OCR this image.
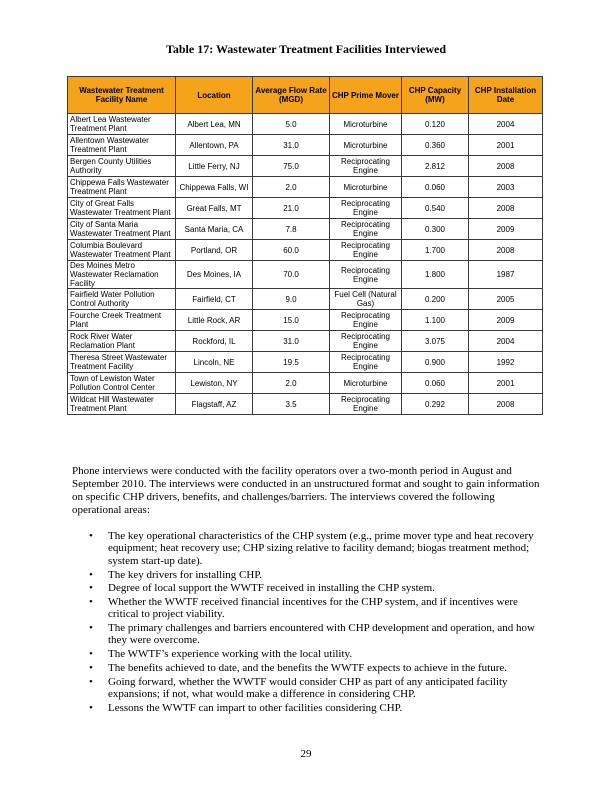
Table 17: Wastewater Treatment Facilities Interviewed
Wastewater Treatment Facility Name	Location	Average Flow Rate (MGD)	CHP Prime Mover	CHP Capacity (MW)	CHP Installation Date
Albert Lea Wastewater Treatment Plant	Albert Lea, MN	5.0	Microturbine	0.120	2004
Allentown Wastewater Treatment Plant	Allentown, PA	31.0	Microturbine	0.360	2001
Bergen County Utilities Authority	Little Ferry, NJ	75.0	Reciprocating Engine	2.812	2008
Chippewa Falls Wastewater Treatment Plant	Chippewa Falls, WI	2.0	Microturbine	0.060	2003
City of Great Falls Wastewater Treatment Plant	Great Falls, MT	21.0	Reciprocating Engine	0.540	2008
City of Santa Maria Wastewater Treatment Plant	Santa Maria, CA	7.8	Reciprocating Engine	0.300	2009
Columbia Boulevard Wastewater Treatment Plant	Portland, OR	60.0	Reciprocating Engine	1.700	2008
Des Moines Metro Wastewater Reclamation Facility	Des Moines, IA	70.0	Reciprocating Engine	1.800	1987
Fairfield Water Pollution Control Authority	Fairfield, CT	9.0	Fuel Cell (Natural Gas)	0.200	2005
Fourche Creek Treatment Plant	Little Rock, AR	15.0	Reciprocating Engine	1.100	2009
Rock River Water Reclamation Plant	Rockford, IL	31.0	Reciprocating Engine	3.075	2004
Theresa Street Wastewater Treatment Facility	Lincoln, NE	19.5	Reciprocating Engine	0.900	1992
Town of Lewiston Water Pollution Control Center	Lewiston, NY	2.0	Microturbine	0.060	2001
Wildcat Hill Wastewater Treatment Plant	Flagstaff, AZ	3.5	Reciprocating Engine	0.292	2008

Phone interviews were conducted with the facility operators over a two-month period in August and September 2010. The interviews were conducted in an unstructured format and sought to gain information on specific CHP drivers, benefits, and challenges/barriers. The interviews covered the following operational areas:

• The key operational characteristics of the CHP system (e.g., prime mover type and heat recovery equipment; heat recovery use; CHP sizing relative to facility demand; biogas treatment method; system start-up date).
• The key drivers for installing CHP.
• Degree of local support the WWTF received in installing the CHP system.
• Whether the WWTF received financial incentives for the CHP system, and if incentives were critical to project viability.
• The primary challenges and barriers encountered with CHP development and operation, and how they were overcome.
• The WWTF’s experience working with the local utility.
• The benefits achieved to date, and the benefits the WWTF expects to achieve in the future.
• Going forward, whether the WWTF would consider CHP as part of any anticipated facility expansions; if not, what would make a difference in considering CHP.
• Lessons the WWTF can impart to other facilities considering CHP.
29
